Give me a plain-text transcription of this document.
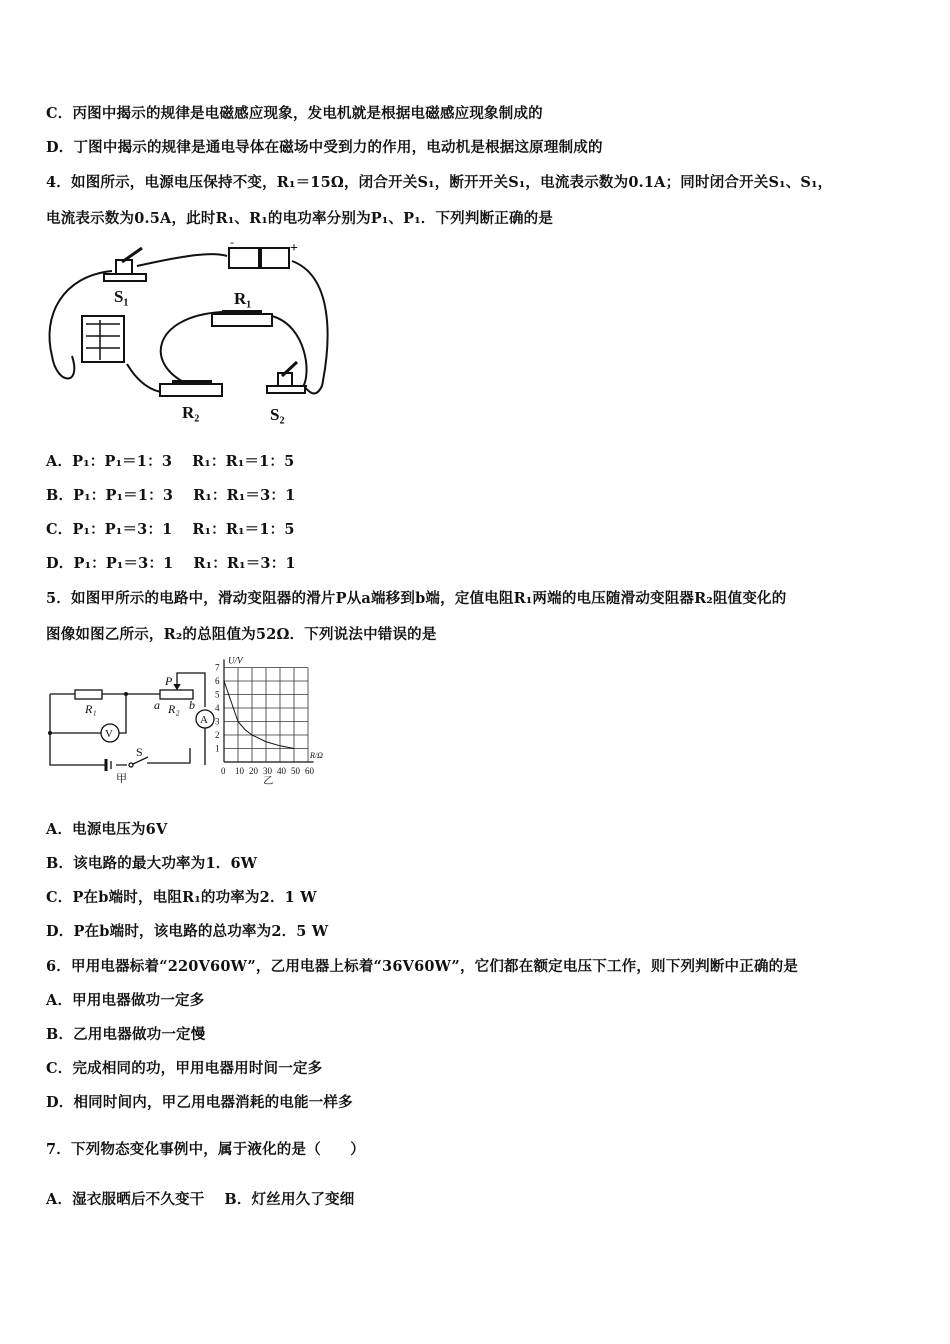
C．丙图中揭示的规律是电磁感应现象，发电机就是根据电磁感应现象制成的
D．丁图中揭示的规律是通电导体在磁场中受到力的作用，电动机是根据这原理制成的
4．如图所示，电源电压保持不变，R₁＝15Ω，闭合开关S₁，断开开关S₁，电流表示数为0.1A；同时闭合开关S₁、S₁，
电流表示数为0.5A，此时R₁、R₁的电功率分别为P₁、P₁．下列判断正确的是
S₁	R₁
R₂	S₂
+
-
A．P₁：P₁＝1：3　 R₁：R₁＝1：5
B．P₁：P₁＝1：3　 R₁：R₁＝3：1
C．P₁：P₁＝3：1　 R₁：R₁＝1：5
D．P₁：P₁＝3：1　 R₁：R₁＝3：1
5．如图甲所示的电路中，滑动变阻器的滑片P从a端移到b端，定值电阻R₁两端的电压随滑动变阻器R₂阻值变化的
图像如图乙所示，R₂的总阻值为52Ω．下列说法中错误的是
R₁	R₂
P
a b
A
V
S
甲
0 10 20 30 40 50 60
1
2
3
4
5
6
7
U/V
R/Ω
乙
A．电源电压为6V
B．该电路的最大功率为1．6W
C．P在b端时，电阻R₁的功率为2．1 W
D．P在b端时，该电路的总功率为2．5 W
6．甲用电器标着“220V60W”，乙用电器上标着“36V60W”，它们都在额定电压下工作，则下列判断中正确的是
A．甲用电器做功一定多
B．乙用电器做功一定慢
C．完成相同的功，甲用电器用时间一定多
D．相同时间内，甲乙用电器消耗的电能一样多
7．下列物态变化事例中，属于液化的是（　　）
A．湿衣服晒后不久变干　 B．灯丝用久了变细
